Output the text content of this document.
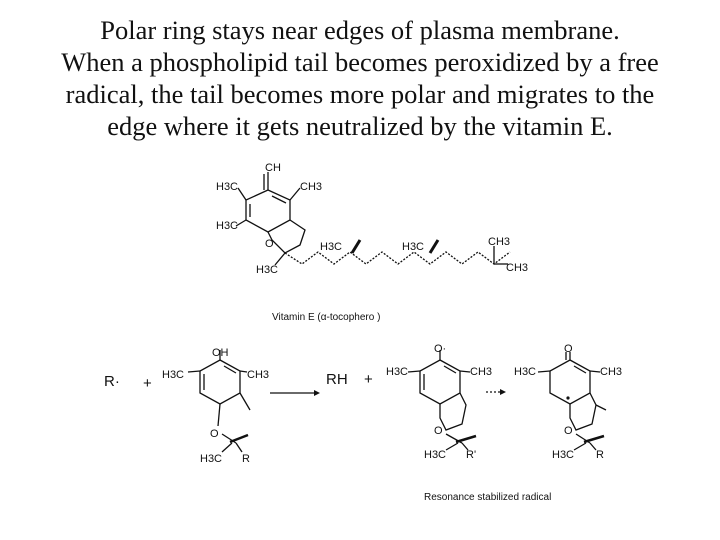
Polar ring stays near edges of plasma membrane.
When a phospholipid tail becomes peroxidized by a free
radical, the tail becomes more polar and migrates to the
edge where it gets neutralized by the vitamin E.
CH
H3C	CH3
H3C
O
H3C
H3C	H3C	CH3
CH3
Vitamin E (α-tocophero )
R· +
OH
H3C	CH3
O
H3C R
RH +
O·
H3C	CH3
O
H3C R'
O
H3C	CH3
O
H3C R
Resonance stabilized radical
